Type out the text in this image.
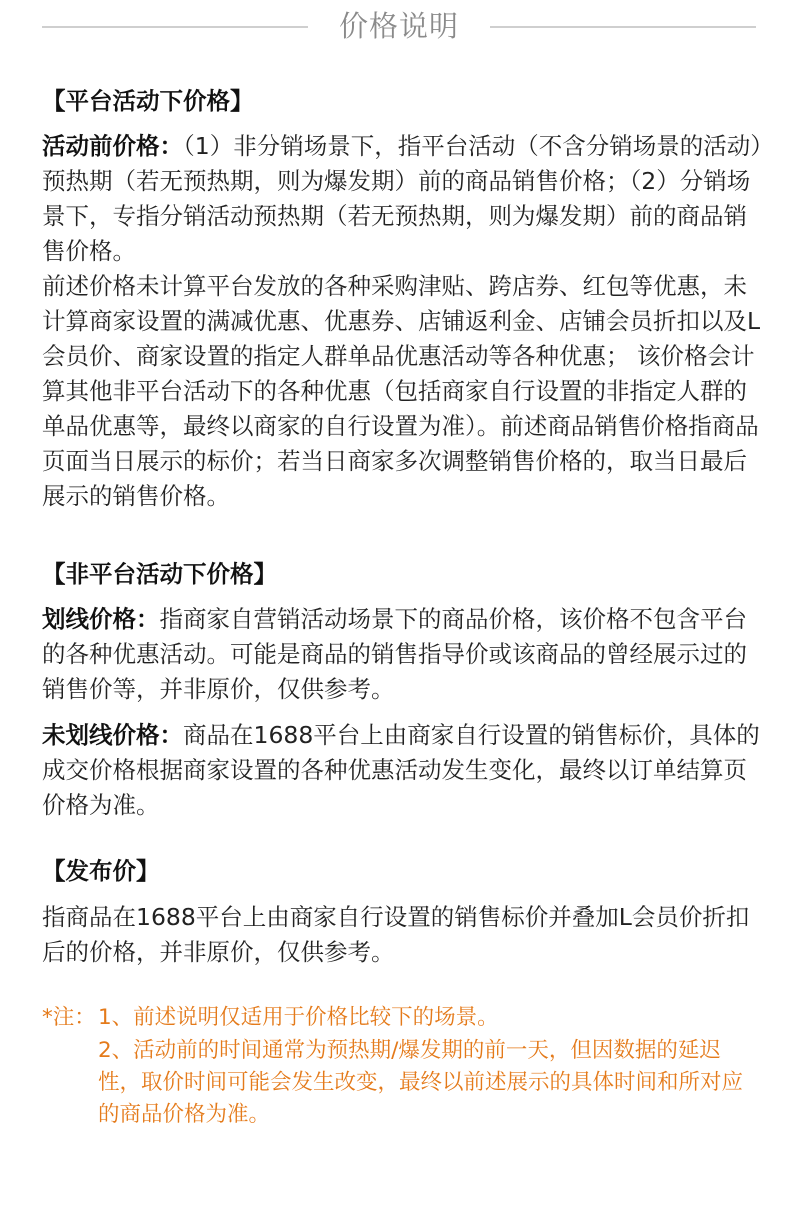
价格说明
【平台活动下价格】
活动前价格：（1）非分销场景下，指平台活动（不含分销场景的活动）预热期（若无预热期，则为爆发期）前的商品销售价格；（2）分销场景下，专指分销活动预热期（若无预热期，则为爆发期）前的商品销售价格。
前述价格未计算平台发放的各种采购津贴、跨店券、红包等优惠，未计算商家设置的满减优惠、优惠券、店铺返利金、店铺会员折扣以及L会员价、商家设置的指定人群单品优惠活动等各种优惠； 该价格会计算其他非平台活动下的各种优惠（包括商家自行设置的非指定人群的单品优惠等，最终以商家的自行设置为准）。前述商品销售价格指商品页面当日展示的标价；若当日商家多次调整销售价格的，取当日最后展示的销售价格。
【非平台活动下价格】
划线价格：指商家自营销活动场景下的商品价格，该价格不包含平台的各种优惠活动。可能是商品的销售指导价或该商品的曾经展示过的销售价等，并非原价，仅供参考。
未划线价格：商品在1688平台上由商家自行设置的销售标价，具体的成交价格根据商家设置的各种优惠活动发生变化，最终以订单结算页价格为准。
【发布价】
指商品在1688平台上由商家自行设置的销售标价并叠加L会员价折扣后的价格，并非原价，仅供参考。
*注： 1、前述说明仅适用于价格比较下的场景。
2、活动前的时间通常为预热期/爆发期的前一天，但因数据的延迟性，取价时间可能会发生改变，最终以前述展示的具体时间和所对应的商品价格为准。
